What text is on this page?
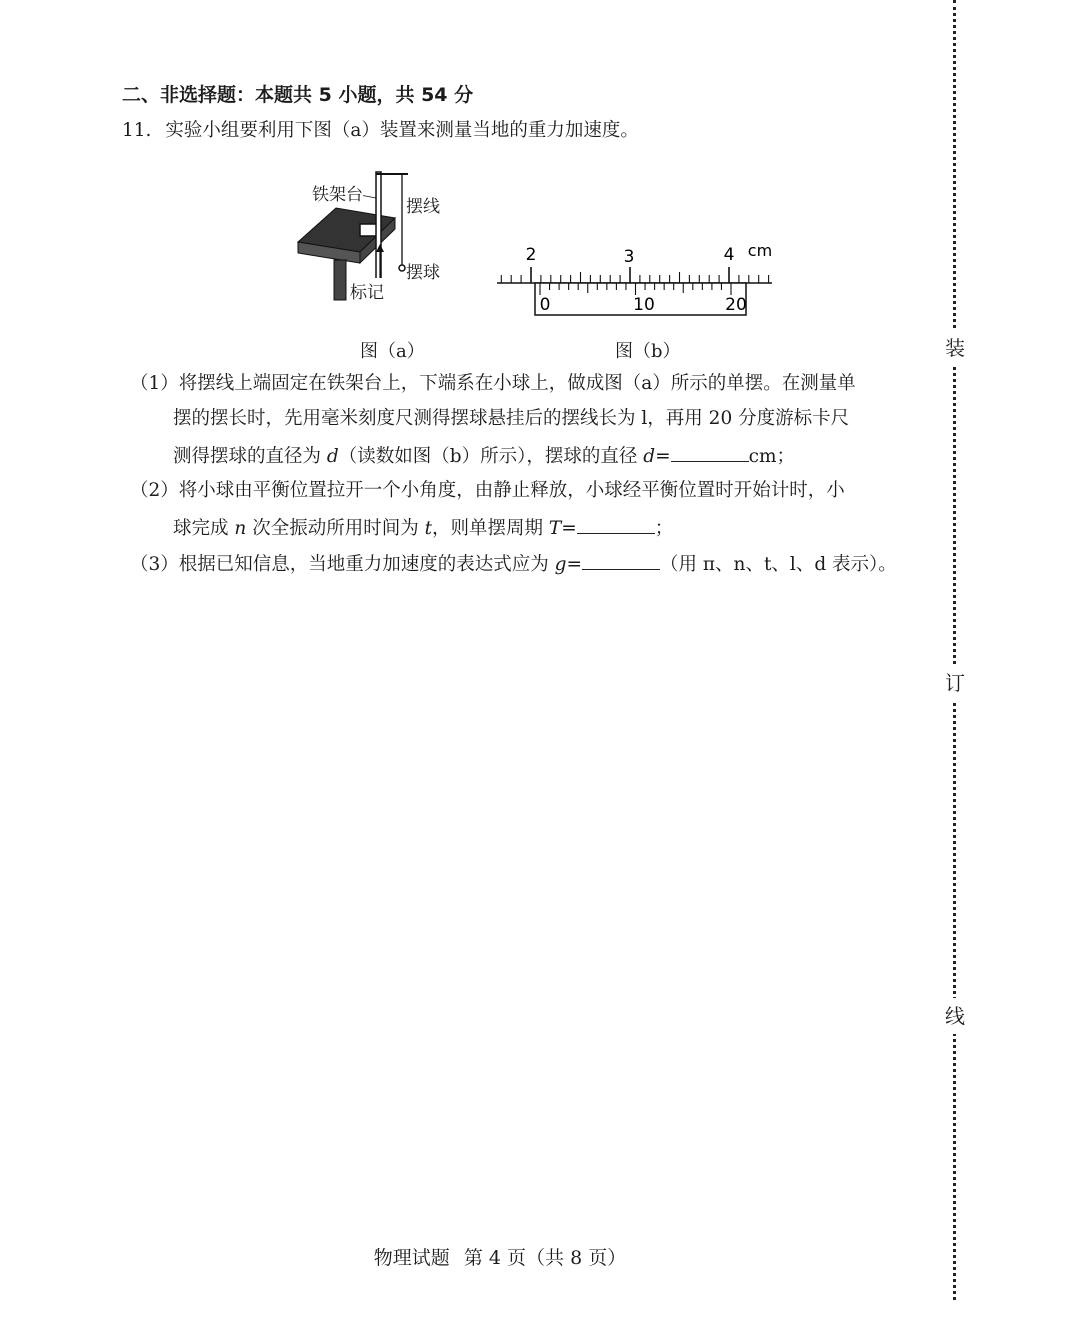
装
订
线
二、非选择题：本题共 5 小题，共 54 分
11. 实验小组要利用下图（a）装置来测量当地的重力加速度。
铁架台
摆线
摆球
标记
图（a）
2	3	4 cm
0	10	20
图（b）
（1）将摆线上端固定在铁架台上，下端系在小球上，做成图（a）所示的单摆。在测量单
摆的摆长时，先用毫米刻度尺测得摆球悬挂后的摆线长为 l，再用 20 分度游标卡尺
测得摆球的直径为 d（读数如图（b）所示），摆球的直径 d=	cm；
（2）将小球由平衡位置拉开一个小角度，由静止释放，小球经平衡位置时开始计时，小
球完成 n 次全振动所用时间为 t，则单摆周期 T=	；
（3）根据已知信息，当地重力加速度的表达式应为 g=	（用 π、n、t、l、d 表示）。
物理试题 第 4 页（共 8 页）
